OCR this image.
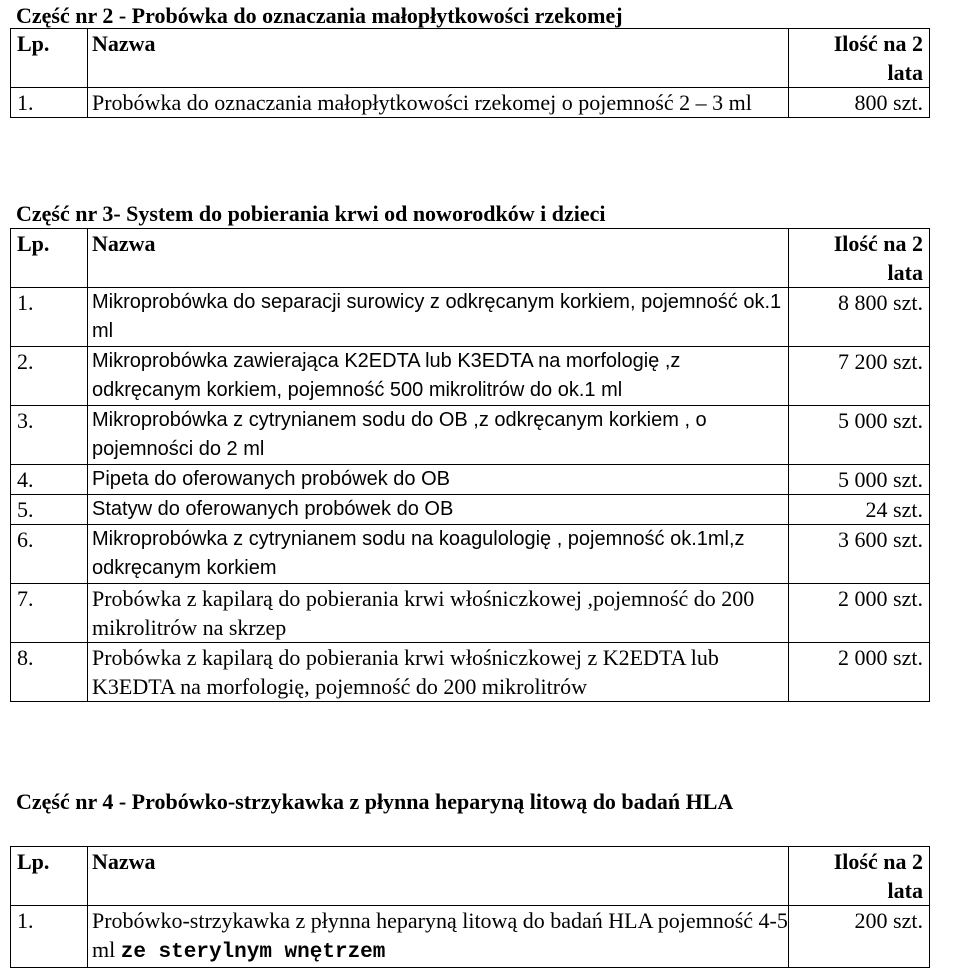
Część nr 2 - Probówka do oznaczania małopłytkowości rzekomej
Lp.	Nazwa	Ilość na 2 lata
1.	Probówka do oznaczania małopłytkowości rzekomej o pojemność 2 – 3 ml	800 szt.
Część nr 3- System do pobierania krwi od noworodków i dzieci
Lp.	Nazwa	Ilość na 2 lata
1.	Mikroprobówka do separacji surowicy z odkręcanym korkiem, pojemność ok.1 ml	8 800 szt.
2.	Mikroprobówka zawierająca K2EDTA lub K3EDTA na morfologię ,z odkręcanym korkiem, pojemność 500 mikrolitrów do ok.1 ml	7 200 szt.
3.	Mikroprobówka z cytrynianem sodu do OB ,z odkręcanym korkiem , o pojemności do 2 ml	5 000 szt.
4.	Pipeta do oferowanych probówek do OB	5 000 szt.
5.	Statyw do oferowanych probówek do OB	24 szt.
6.	Mikroprobówka z cytrynianem sodu na koagulologię , pojemność ok.1ml,z odkręcanym korkiem	3 600 szt.
7.	Probówka z kapilarą do pobierania krwi włośniczkowej ,pojemność do 200 mikrolitrów na skrzep	2 000 szt.
8.	Probówka z kapilarą do pobierania krwi włośniczkowej z K2EDTA lub K3EDTA na morfologię, pojemność do 200 mikrolitrów	2 000 szt.
Część nr 4 - Probówko-strzykawka z płynna heparyną litową do badań HLA
Lp.	Nazwa	Ilość na 2 lata
1.	Probówko-strzykawka z płynna heparyną litową do badań HLA pojemność 4-5 ml ze sterylnym wnętrzem	200 szt.
